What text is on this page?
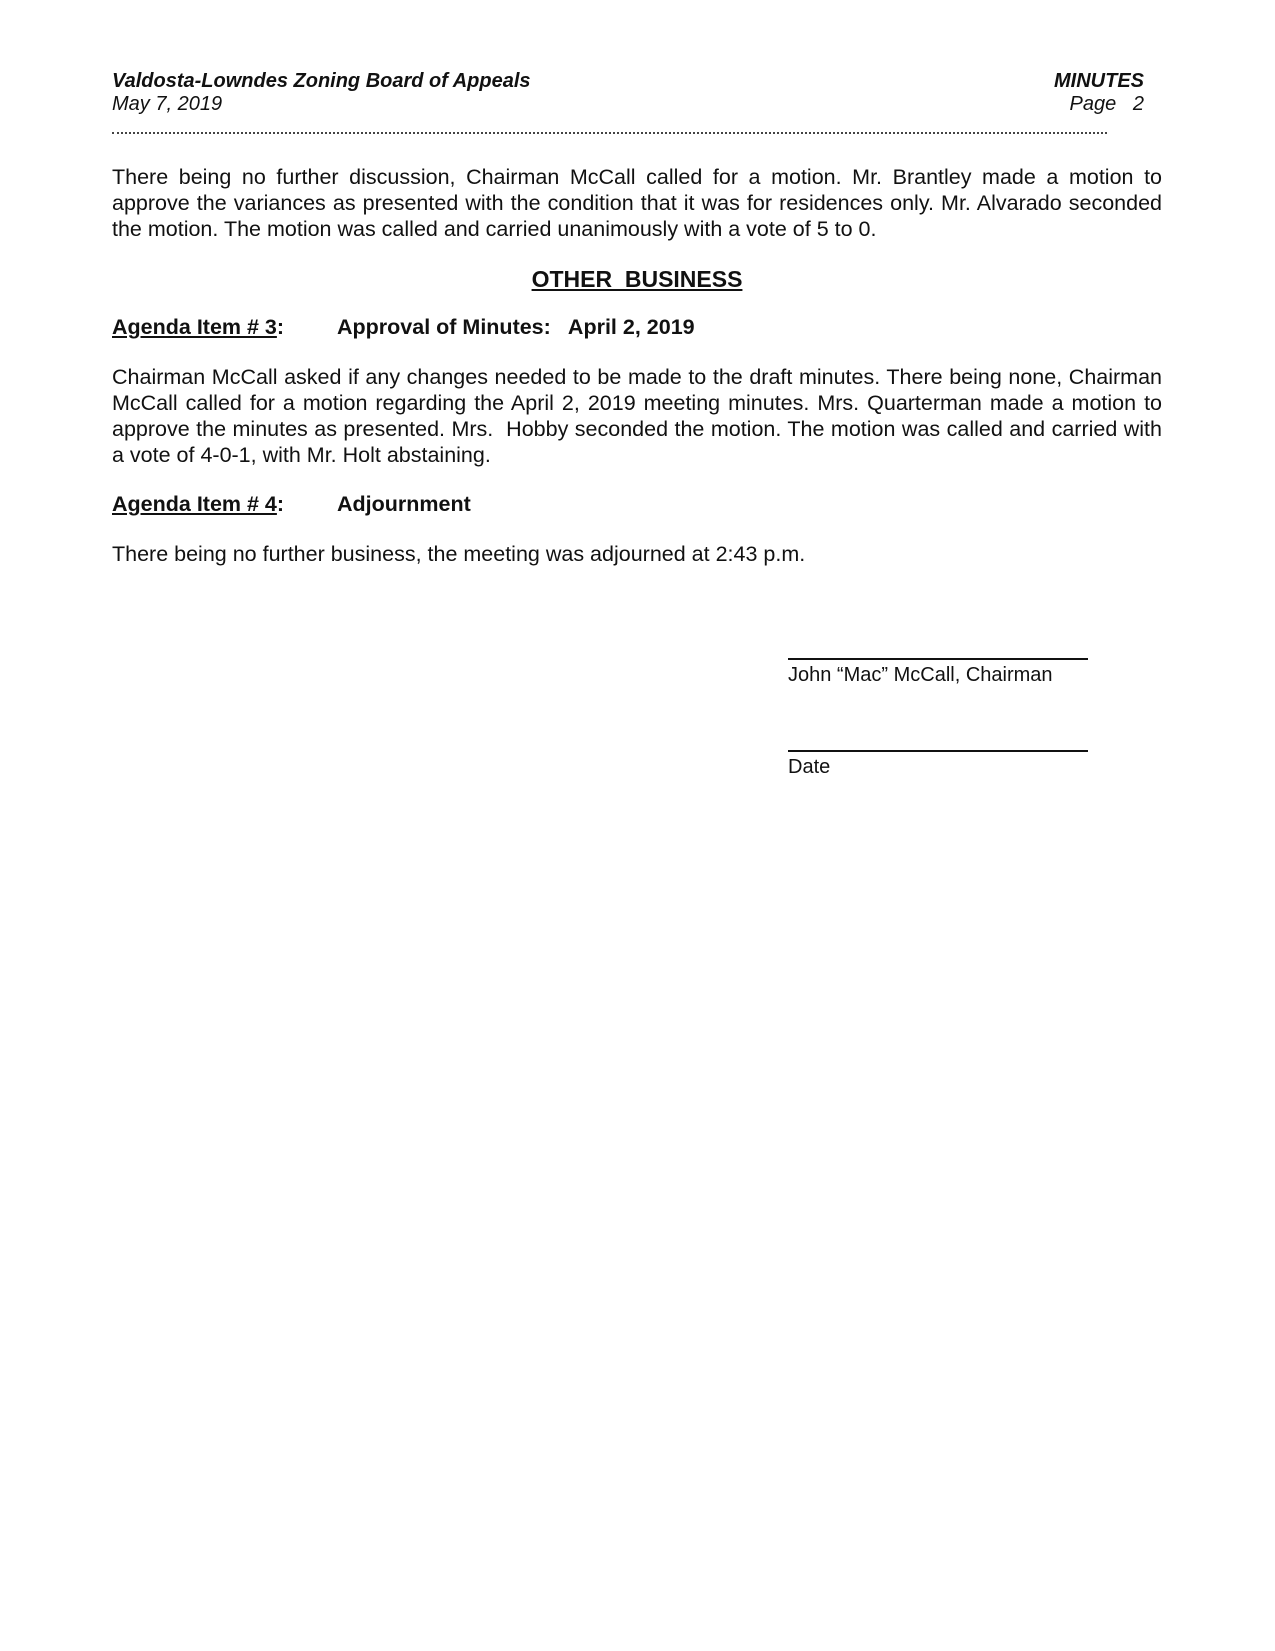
Valdosta-Lowndes Zoning Board of Appeals	MINUTES
May 7, 2019	Page   2

There being no further discussion, Chairman McCall called for a motion. Mr. Brantley made a motion to approve the variances as presented with the condition that it was for residences only. Mr. Alvarado seconded the motion. The motion was called and carried unanimously with a vote of 5 to 0.

OTHER  BUSINESS
Agenda Item # 3:	Approval of Minutes:   April 2, 2019

Chairman McCall asked if any changes needed to be made to the draft minutes. There being none, Chairman McCall called for a motion regarding the April 2, 2019 meeting minutes. Mrs. Quarterman made a motion to approve the minutes as presented. Mrs.  Hobby seconded the motion. The motion was called and carried with a vote of 4-0-1, with Mr. Holt abstaining.

Agenda Item # 4:	Adjournment

There being no further business, the meeting was adjourned at 2:43 p.m.

John “Mac” McCall, Chairman
Date
